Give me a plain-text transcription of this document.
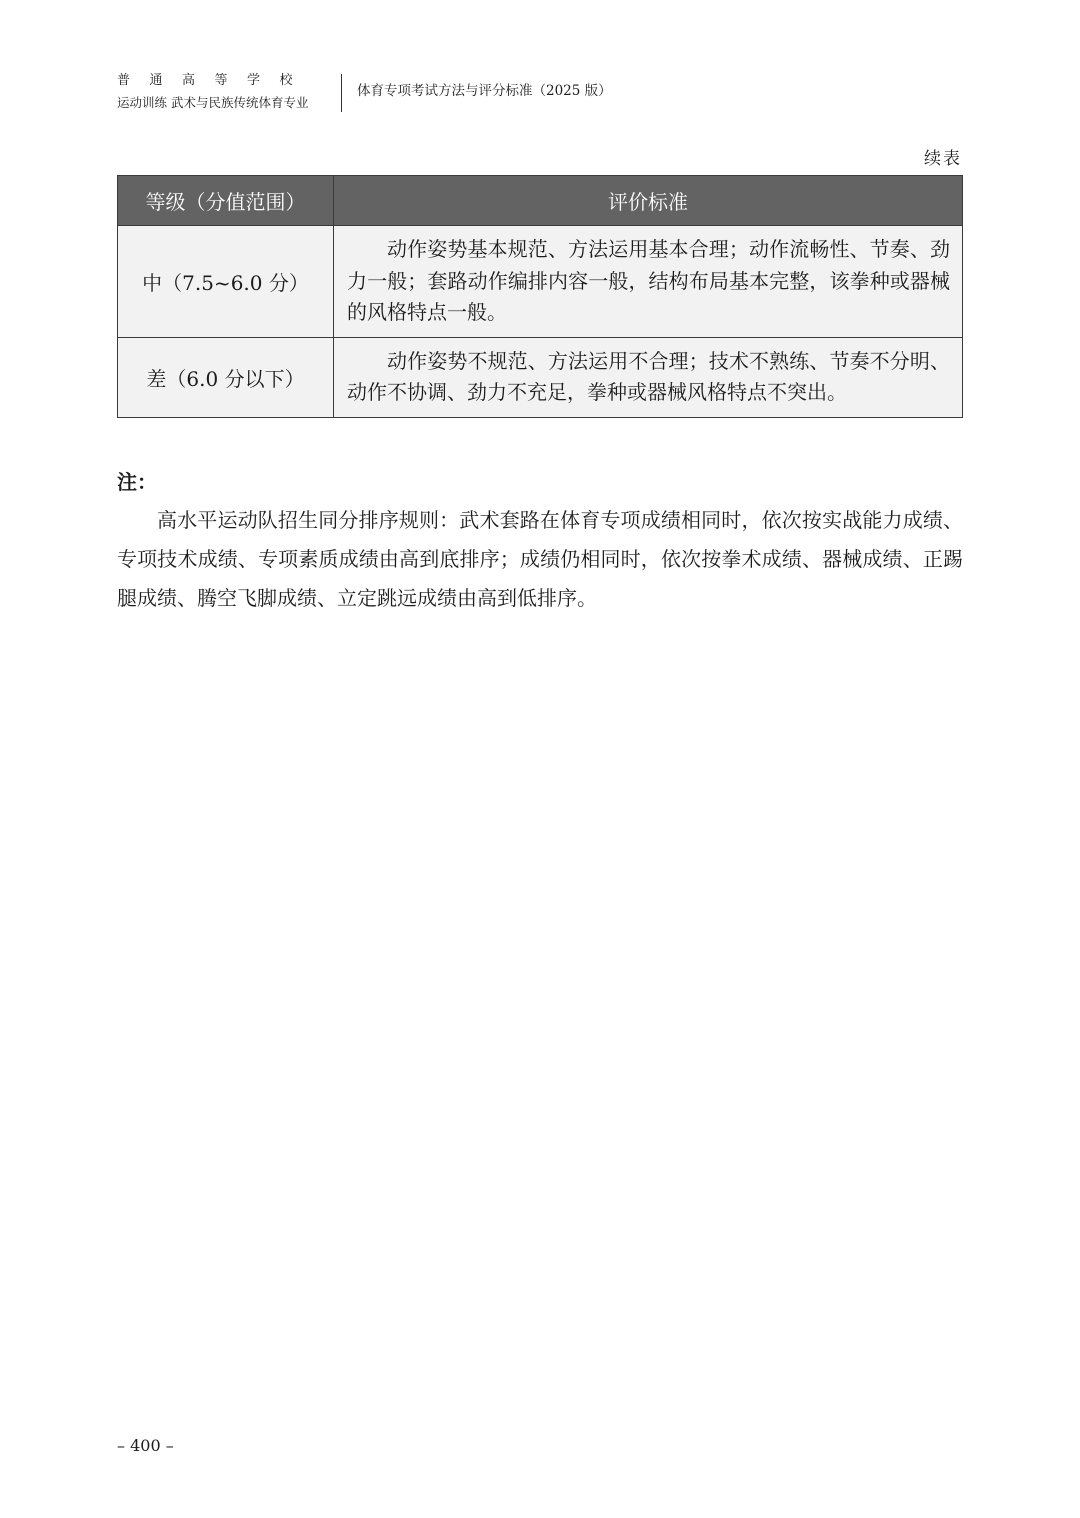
普通高等学校
运动训练 武术与民族传统体育专业
体育专项考试方法与评分标准（2025 版）
续表
等级（分值范围）	评价标准
中（7.5~6.0 分）	动作姿势基本规范、方法运用基本合理；动作流畅性、节奏、劲力一般；套路动作编排内容一般，结构布局基本完整，该拳种或器械的风格特点一般。
差（6.0 分以下）	动作姿势不规范、方法运用不合理；技术不熟练、节奏不分明、动作不协调、劲力不充足，拳种或器械风格特点不突出。
注：
高水平运动队招生同分排序规则：武术套路在体育专项成绩相同时，依次按实战能力成绩、专项技术成绩、专项素质成绩由高到底排序；成绩仍相同时，依次按拳术成绩、器械成绩、正踢腿成绩、腾空飞脚成绩、立定跳远成绩由高到低排序。
– 400 –
